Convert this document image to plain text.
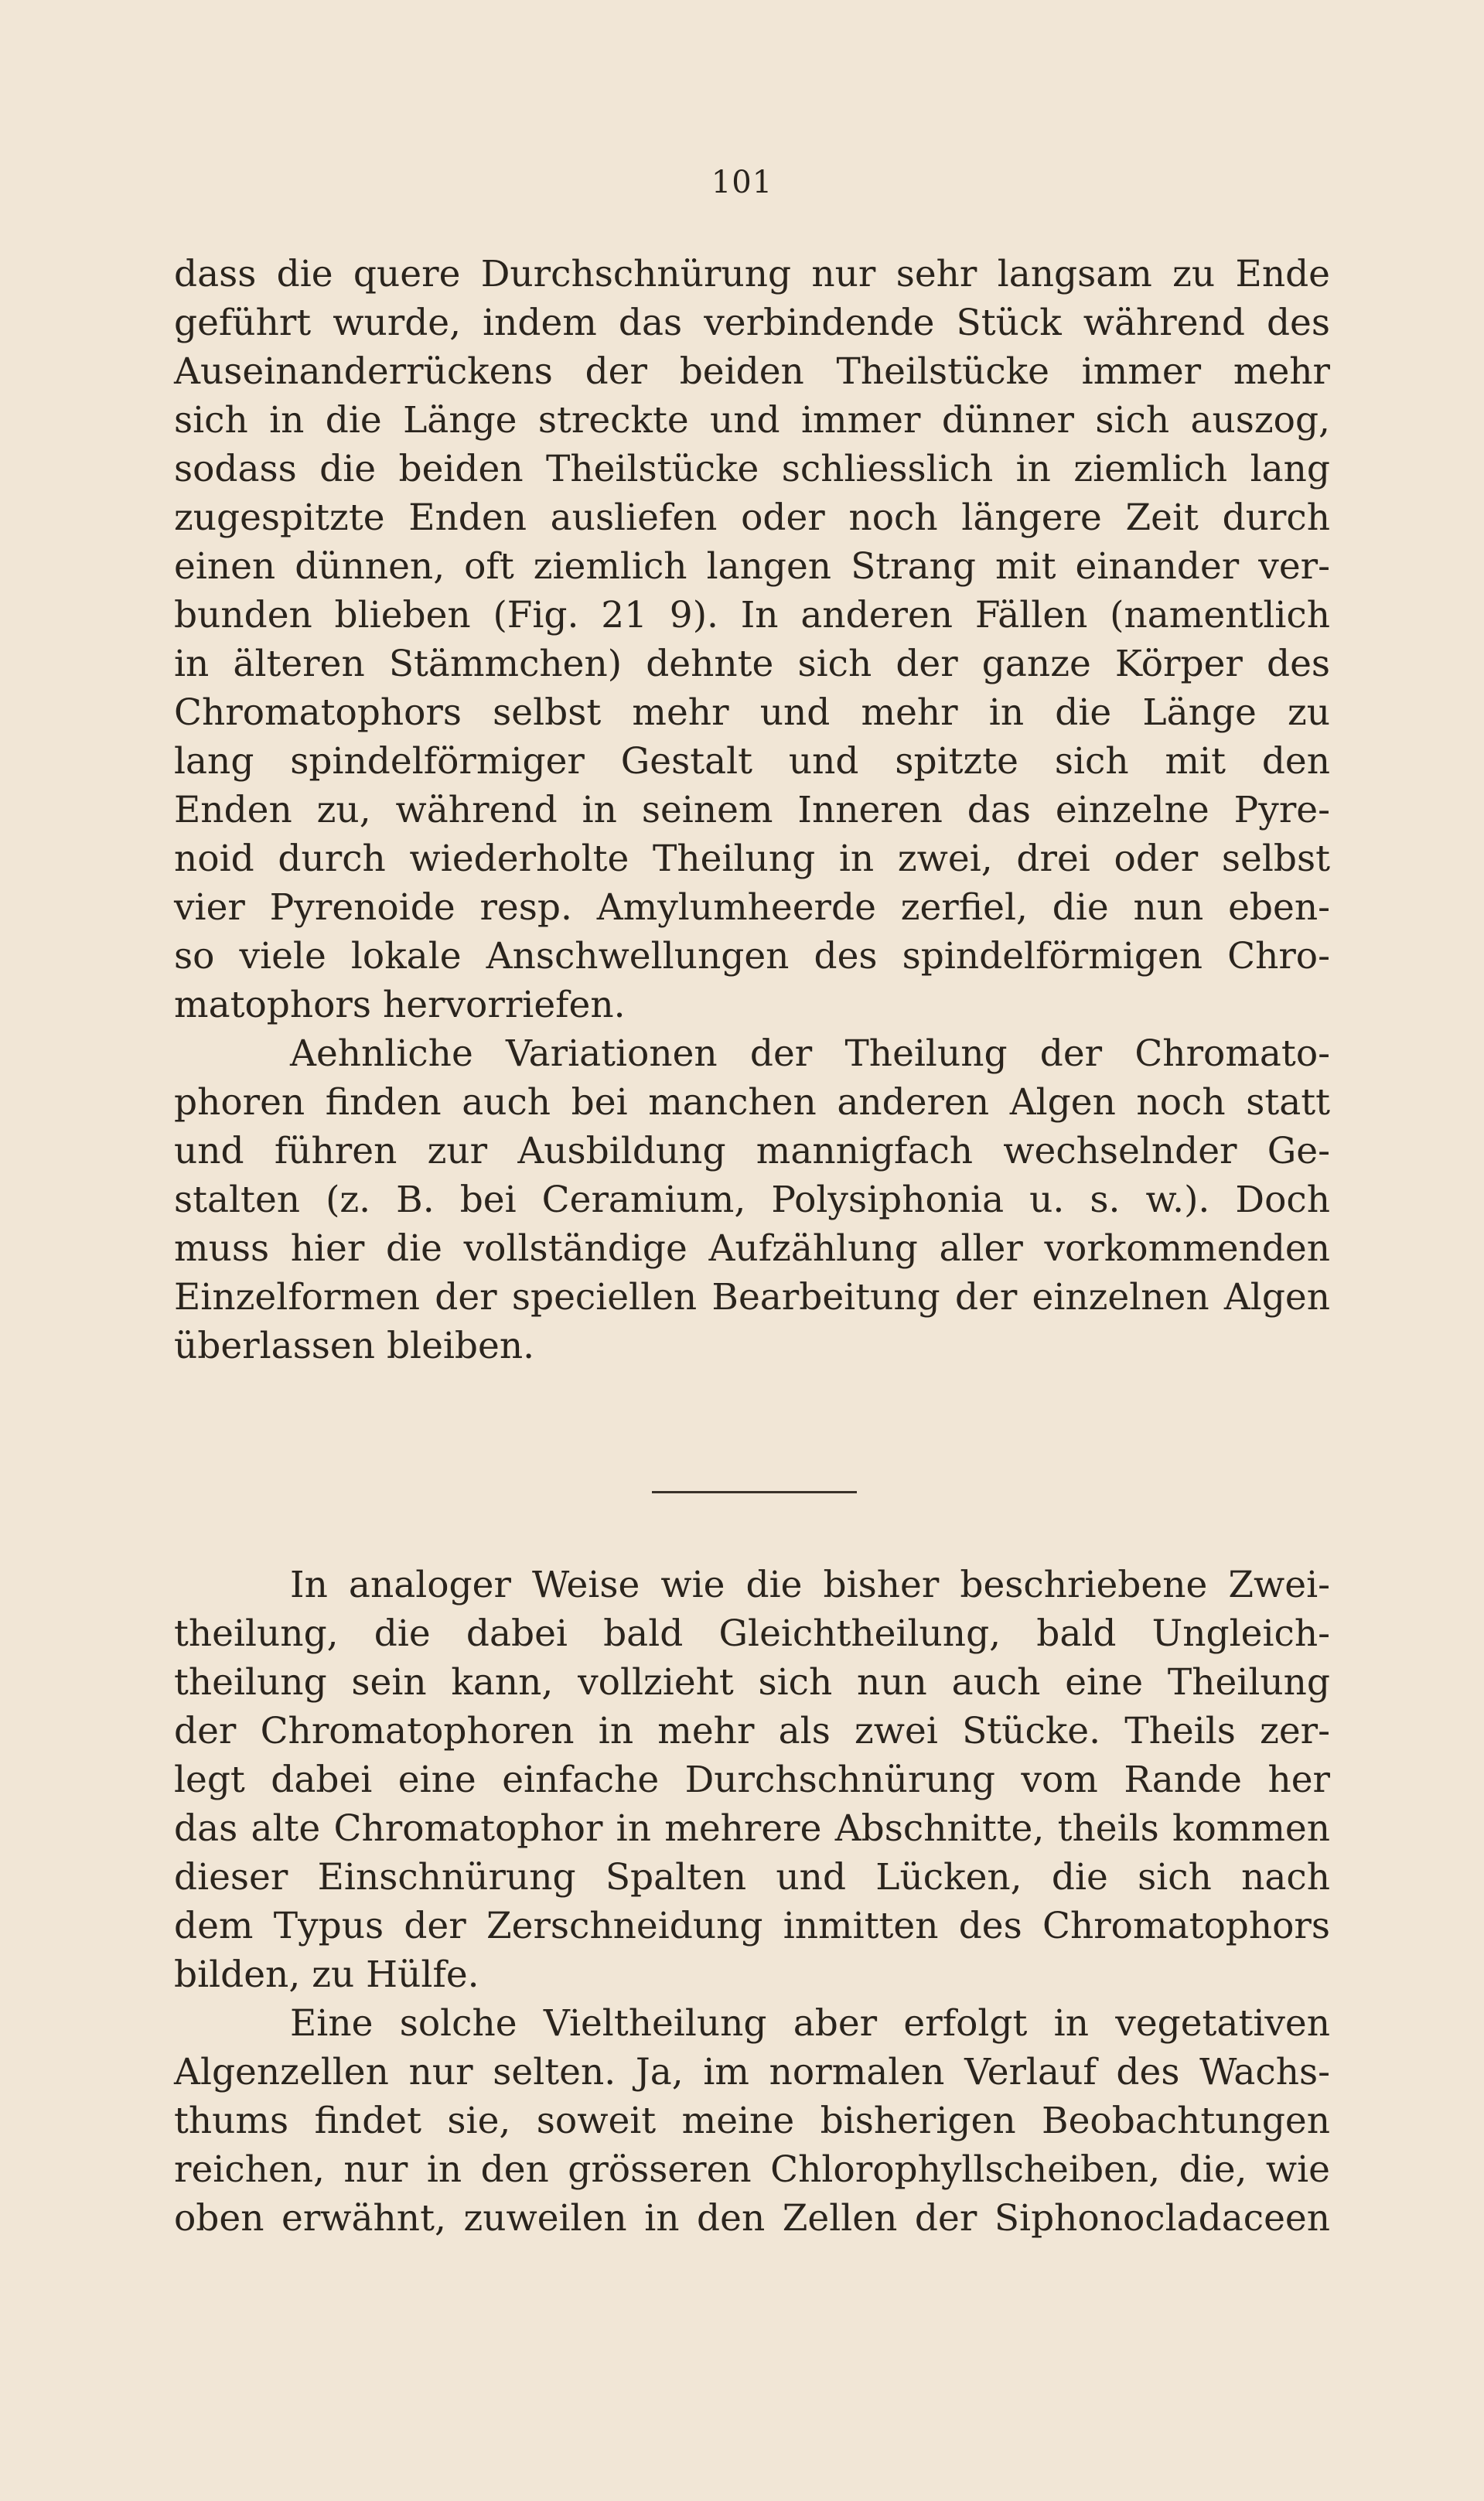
101
dass die quere Durchschnürung nur sehr langsam zu Ende
geführt wurde, indem das verbindende Stück während des
Auseinanderrückens der beiden Theilstücke immer mehr
sich in die Länge streckte und immer dünner sich auszog,
sodass die beiden Theilstücke schliesslich in ziemlich lang
zugespitzte Enden ausliefen oder noch längere Zeit durch
einen dünnen, oft ziemlich langen Strang mit einander ver-
bunden blieben (Fig. 21 9). In anderen Fällen (namentlich
in älteren Stämmchen) dehnte sich der ganze Körper des
Chromatophors selbst mehr und mehr in die Länge zu
lang spindelförmiger Gestalt und spitzte sich mit den
Enden zu, während in seinem Inneren das einzelne Pyre-
noid durch wiederholte Theilung in zwei, drei oder selbst
vier Pyrenoide resp. Amylumheerde zerfiel, die nun eben-
so viele lokale Anschwellungen des spindelförmigen Chro-
matophors hervorriefen.
Aehnliche Variationen der Theilung der Chromato-
phoren finden auch bei manchen anderen Algen noch statt
und führen zur Ausbildung mannigfach wechselnder Ge-
stalten (z. B. bei Ceramium, Polysiphonia u. s. w.). Doch
muss hier die vollständige Aufzählung aller vorkommenden
Einzelformen der speciellen Bearbeitung der einzelnen Algen
überlassen bleiben.
In analoger Weise wie die bisher beschriebene Zwei-
theilung, die dabei bald Gleichtheilung, bald Ungleich-
theilung sein kann, vollzieht sich nun auch eine Theilung
der Chromatophoren in mehr als zwei Stücke. Theils zer-
legt dabei eine einfache Durchschnürung vom Rande her
das alte Chromatophor in mehrere Abschnitte, theils kommen
dieser Einschnürung Spalten und Lücken, die sich nach
dem Typus der Zerschneidung inmitten des Chromatophors
bilden, zu Hülfe.
Eine solche Vieltheilung aber erfolgt in vegetativen
Algenzellen nur selten. Ja, im normalen Verlauf des Wachs-
thums findet sie, soweit meine bisherigen Beobachtungen
reichen, nur in den grösseren Chlorophyllscheiben, die, wie
oben erwähnt, zuweilen in den Zellen der Siphonocladaceen
